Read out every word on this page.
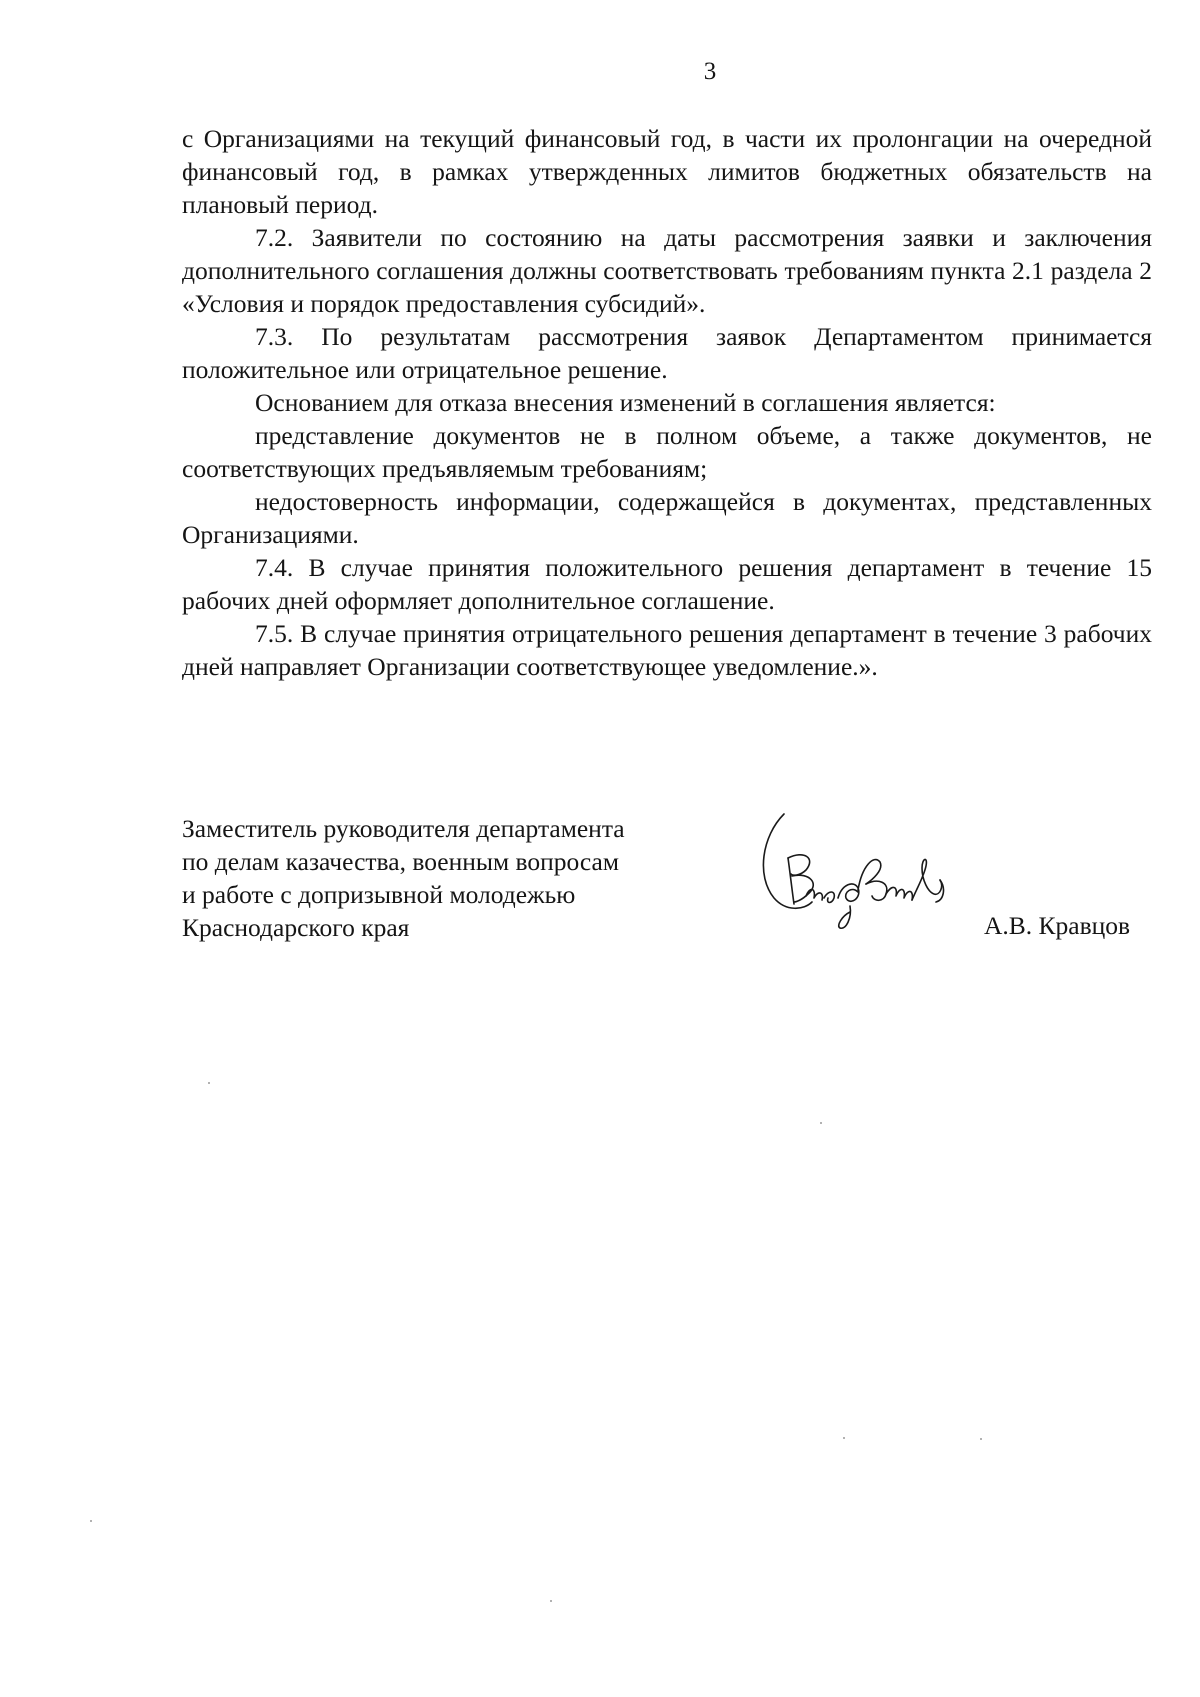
3

с Организациями на текущий финансовый год, в части их пролонгации на очередной финансовый год, в рамках утвержденных лимитов бюджетных обязательств на плановый период.

7.2. Заявители по состоянию на даты рассмотрения заявки и заключения дополнительного соглашения должны соответствовать требованиям пункта 2.1 раздела 2 «Условия и порядок предоставления субсидий».

7.3. По результатам рассмотрения заявок Департаментом принимается положительное или отрицательное решение.

Основанием для отказа внесения изменений в соглашения является:

представление документов не в полном объеме, а также документов, не соответствующих предъявляемым требованиям;

недостоверность информации, содержащейся в документах, представленных Организациями.

7.4. В случае принятия положительного решения департамент в течение 15 рабочих дней оформляет дополнительное соглашение.

7.5. В случае принятия отрицательного решения департамент в течение 3 рабочих дней направляет Организации соответствующее уведомление.».

Заместитель руководителя департамента
по делам казачества, военным вопросам
и работе с допризывной молодежью
Краснодарского края	А.В. Кравцов
